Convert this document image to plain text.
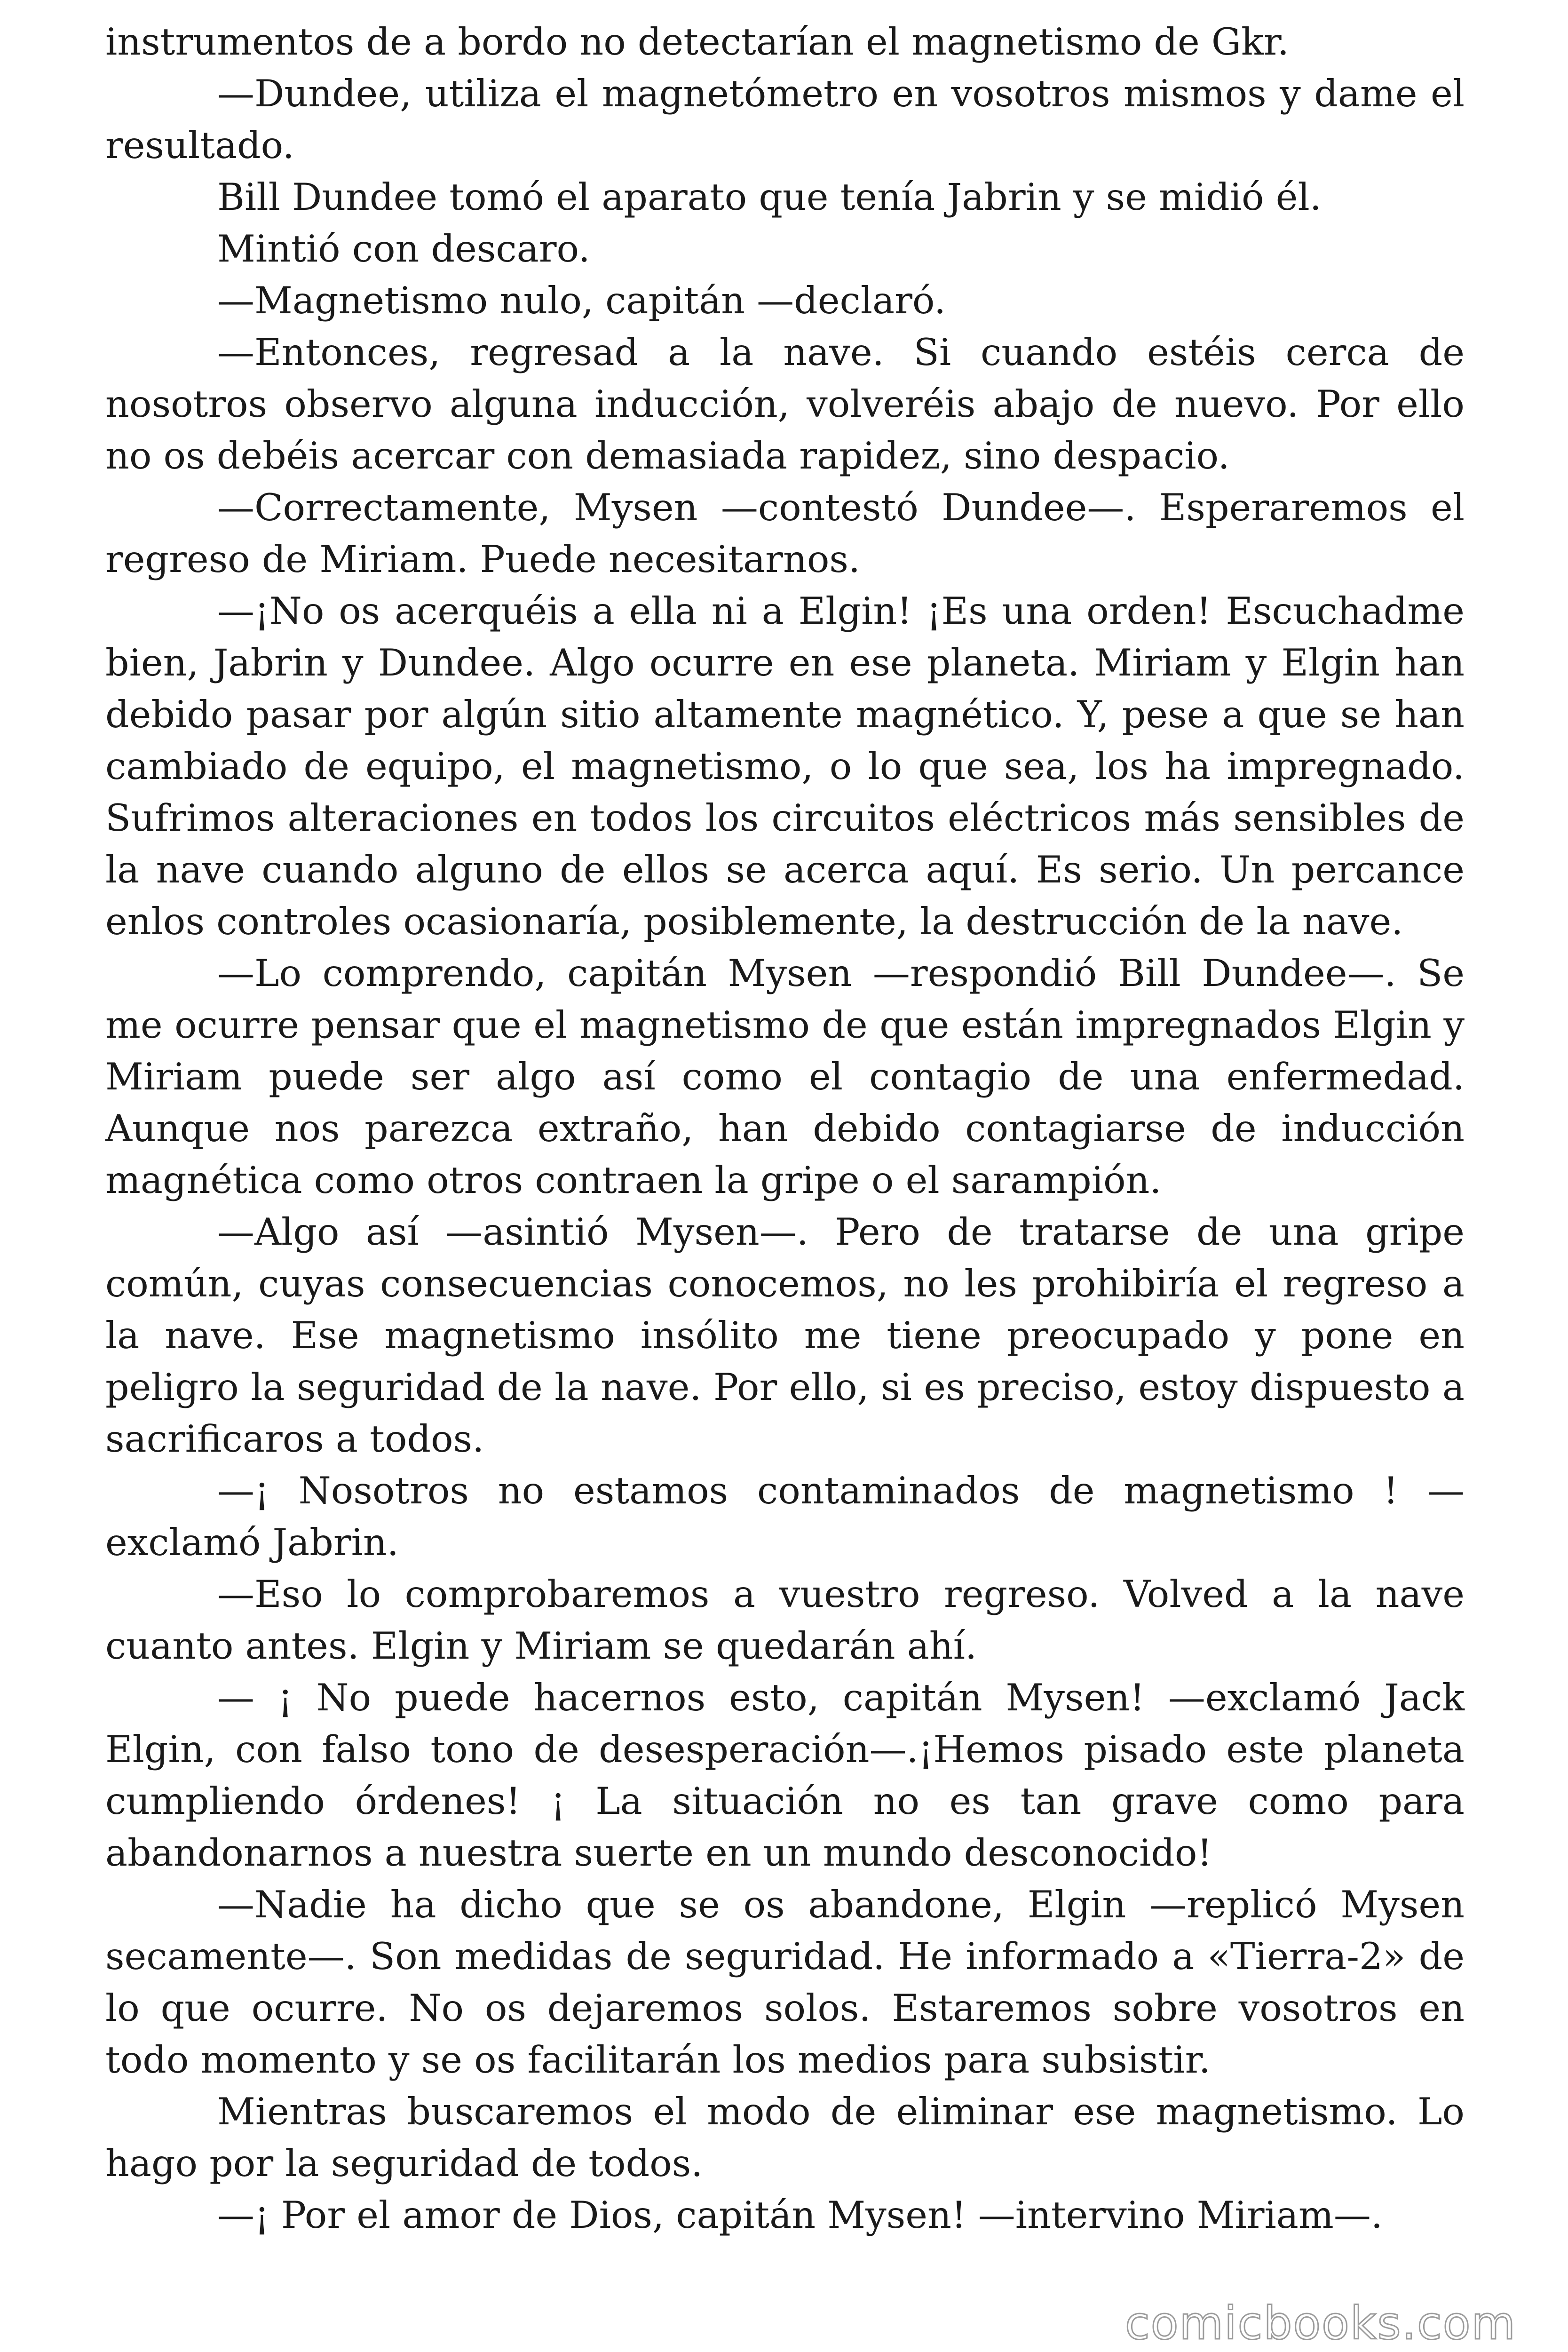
instrumentos de a bordo no detectarían el magnetismo de Gkr.

—Dundee, utiliza el magnetómetro en vosotros mismos y dame el resultado.

Bill Dundee tomó el aparato que tenía Jabrin y se midió él.

Mintió con descaro.

—Magnetismo nulo, capitán —declaró.

—Entonces, regresad a la nave. Si cuando estéis cerca de nosotros observo alguna inducción, volveréis abajo de nuevo. Por ello no os debéis acercar con demasiada rapidez, sino despacio.

—Correctamente, Mysen —contestó Dundee—. Esperaremos el regreso de Miriam. Puede necesitarnos.

—¡No os acerquéis a ella ni a Elgin! ¡Es una orden! Escuchadme bien, Jabrin y Dundee. Algo ocurre en ese planeta. Miriam y Elgin han debido pasar por algún sitio altamente magnético. Y, pese a que se han cambiado de equipo, el magnetismo, o lo que sea, los ha impregnado. Sufrimos alteraciones en todos los circuitos eléctricos más sensibles de la nave cuando alguno de ellos se acerca aquí. Es serio. Un percance enlos controles ocasionaría, posiblemente, la destrucción de la nave.

—Lo comprendo, capitán Mysen —respondió Bill Dundee—. Se me ocurre pensar que el magnetismo de que están impregnados Elgin y Miriam puede ser algo así como el contagio de una enfermedad. Aunque nos parezca extraño, han debido contagiarse de inducción magnética como otros contraen la gripe o el sarampión.

—Algo así —asintió Mysen—. Pero de tratarse de una gripe común, cuyas consecuencias conocemos, no les prohibiría el regreso a la nave. Ese magnetismo insólito me tiene preocupado y pone en peligro la seguridad de la nave. Por ello, si es preciso, estoy dispuesto a sacrificaros a todos.

—¡ Nosotros no estamos contaminados de magnetismo ! —exclamó Jabrin.

—Eso lo comprobaremos a vuestro regreso. Volved a la nave cuanto antes. Elgin y Miriam se quedarán ahí.

— ¡ No puede hacernos esto, capitán Mysen! —exclamó Jack Elgin, con falso tono de desesperación—.¡Hemos pisado este planeta cumpliendo órdenes! ¡ La situación no es tan grave como para abandonarnos a nuestra suerte en un mundo desconocido!

—Nadie ha dicho que se os abandone, Elgin —replicó Mysen secamente—. Son medidas de seguridad. He informado a «Tierra-2» de lo que ocurre. No os dejaremos solos. Estaremos sobre vosotros en todo momento y se os facilitarán los medios para subsistir.

Mientras buscaremos el modo de eliminar ese magnetismo. Lo hago por la seguridad de todos.

—¡ Por el amor de Dios, capitán Mysen! —intervino Miriam—.

comicbooks.com
